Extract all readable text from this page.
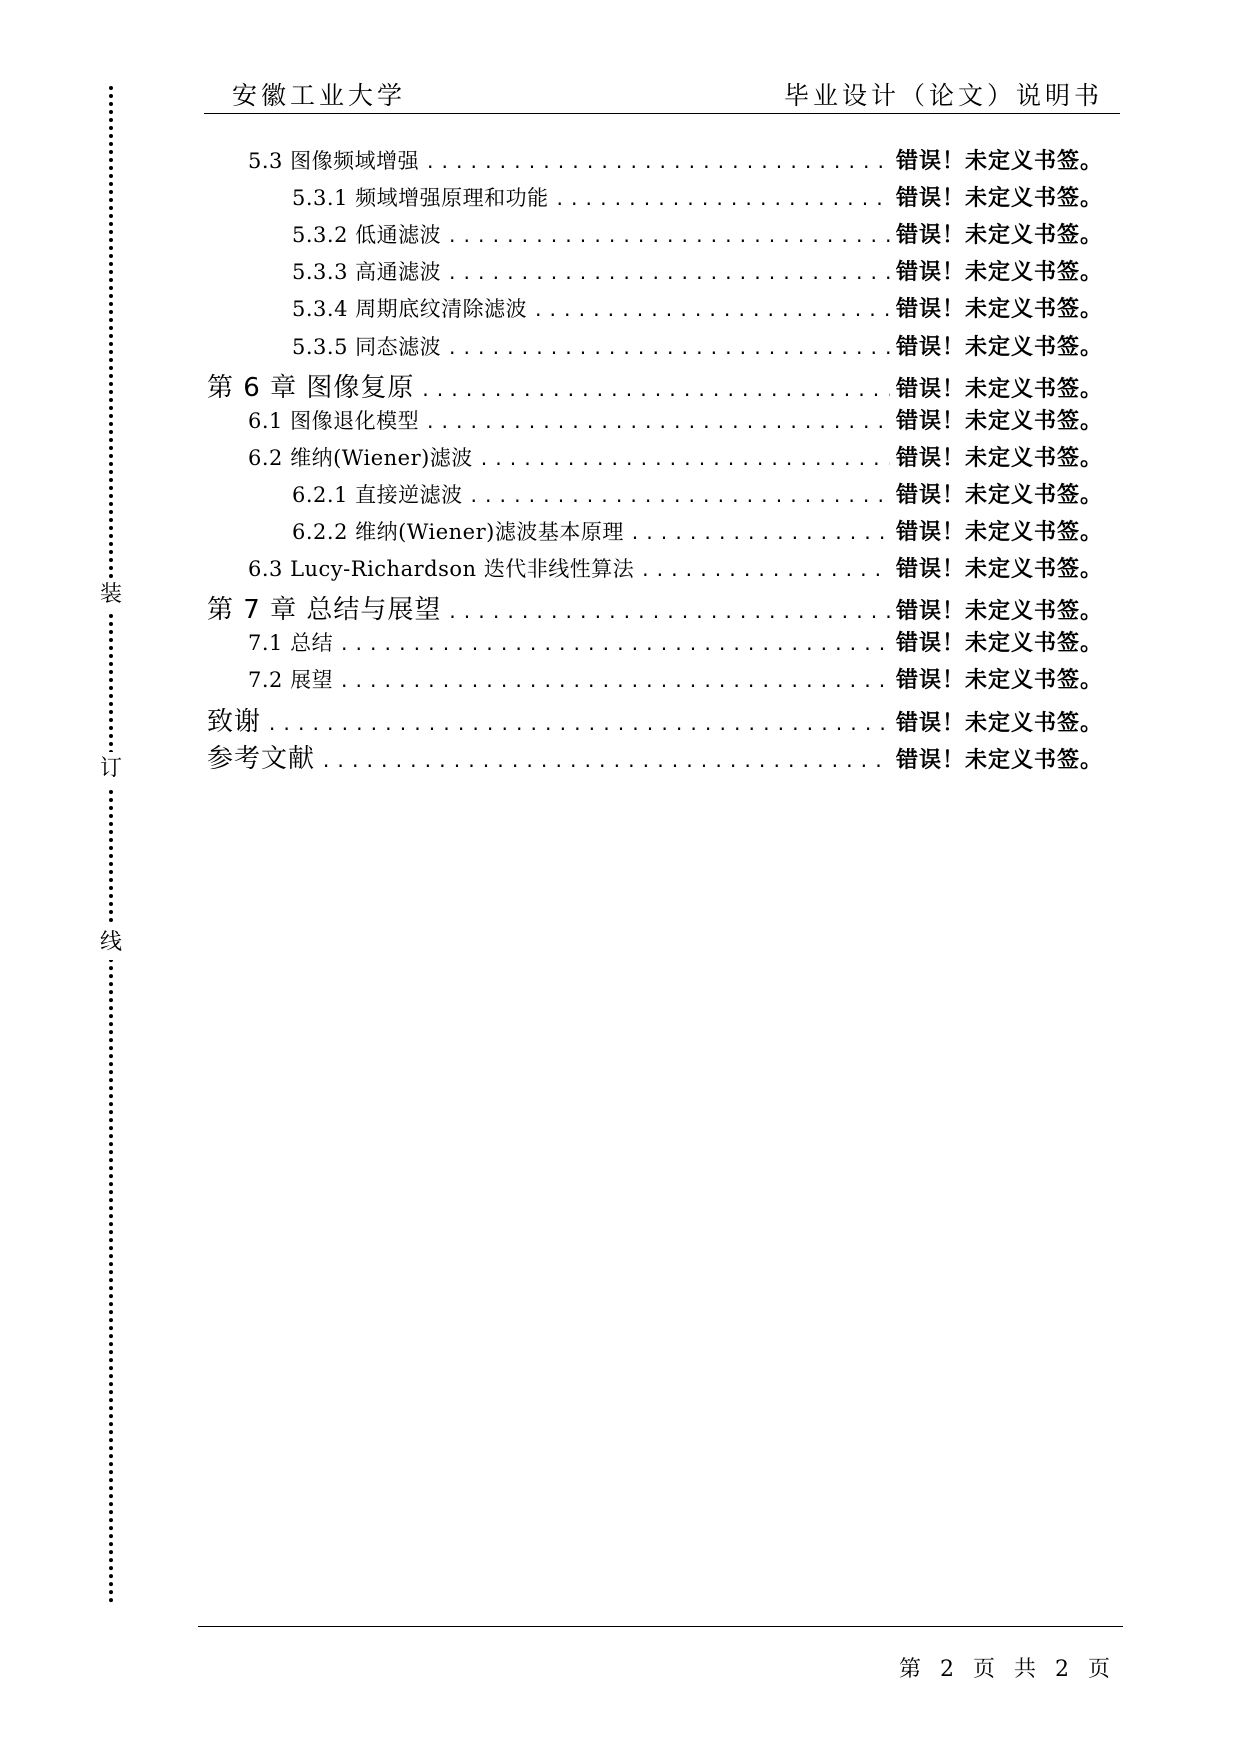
装
订
线
安徽工业大学	毕业设计（论文）说明书
5.3 图像频域增强 .....	错误！未定义书签。
5.3.1 频域增强原理和功能 .....	错误！未定义书签。
5.3.2 低通滤波 .....	错误！未定义书签。
5.3.3 高通滤波 .....	错误！未定义书签。
5.3.4 周期底纹清除滤波 .....	错误！未定义书签。
5.3.5 同态滤波 .....	错误！未定义书签。
第 6 章 图像复原 .....	错误！未定义书签。
6.1 图像退化模型 .....	错误！未定义书签。
6.2 维纳(Wiener)滤波 .....	错误！未定义书签。
6.2.1 直接逆滤波 .....	错误！未定义书签。
6.2.2 维纳(Wiener)滤波基本原理 .....	错误！未定义书签。
6.3 Lucy-Richardson 迭代非线性算法 .....	错误！未定义书签。
第 7 章 总结与展望 .....	错误！未定义书签。
7.1 总结 .....	错误！未定义书签。
7.2 展望 .....	错误！未定义书签。
致谢 .....	错误！未定义书签。
参考文献 .....	错误！未定义书签。
第 2 页 共 2 页
